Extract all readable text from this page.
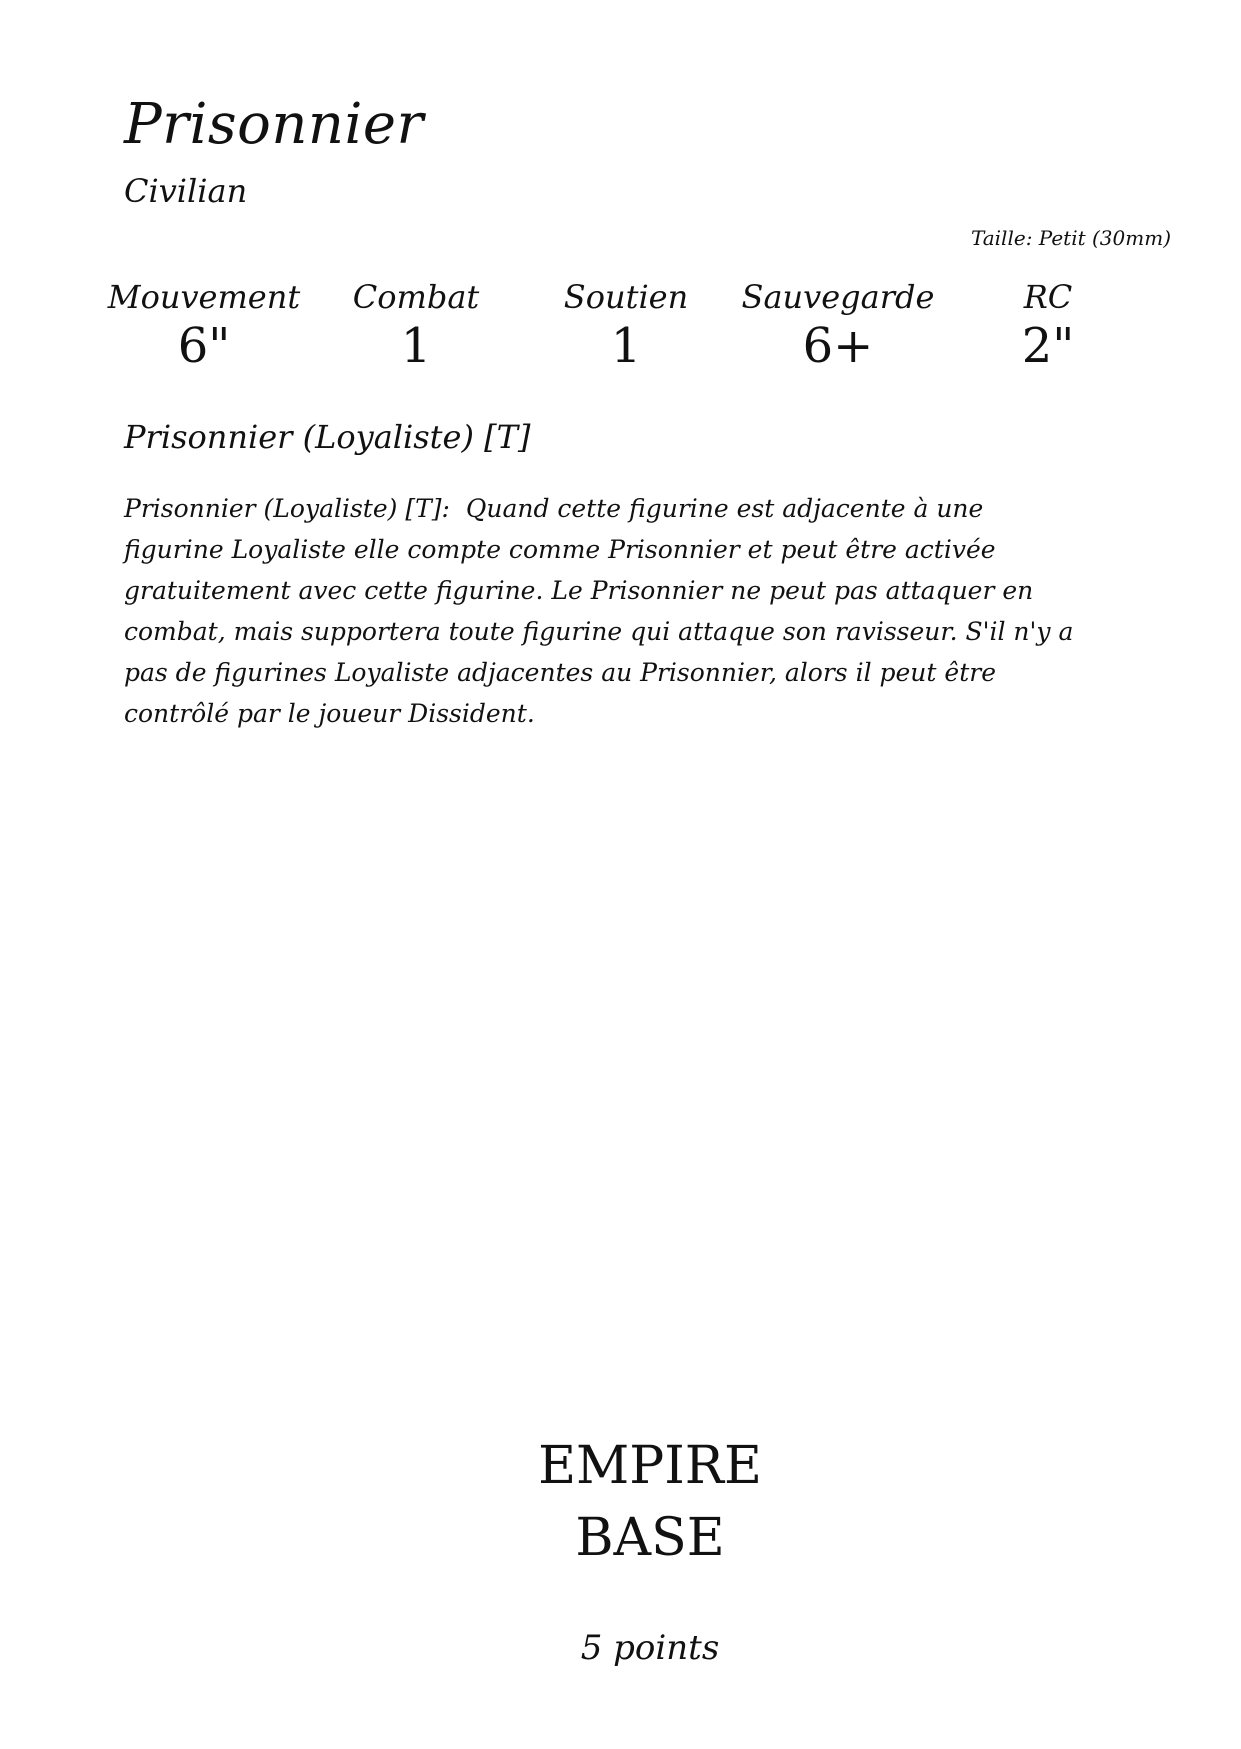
Prisonnier
Civilian
Taille: Petit (30mm)
Mouvement
6"
Combat
1
Soutien
1
Sauvegarde
6+
RC
2"
Prisonnier (Loyaliste) [T]
Prisonnier (Loyaliste) [T]: Quand cette figurine est adjacente à une figurine Loyaliste elle compte comme Prisonnier et peut être activée gratuitement avec cette figurine. Le Prisonnier ne peut pas attaquer en combat, mais supportera toute figurine qui attaque son ravisseur. S'il n'y a pas de figurines Loyaliste adjacentes au Prisonnier, alors il peut être contrôlé par le joueur Dissident.
EMPIRE
BASE
5 points
